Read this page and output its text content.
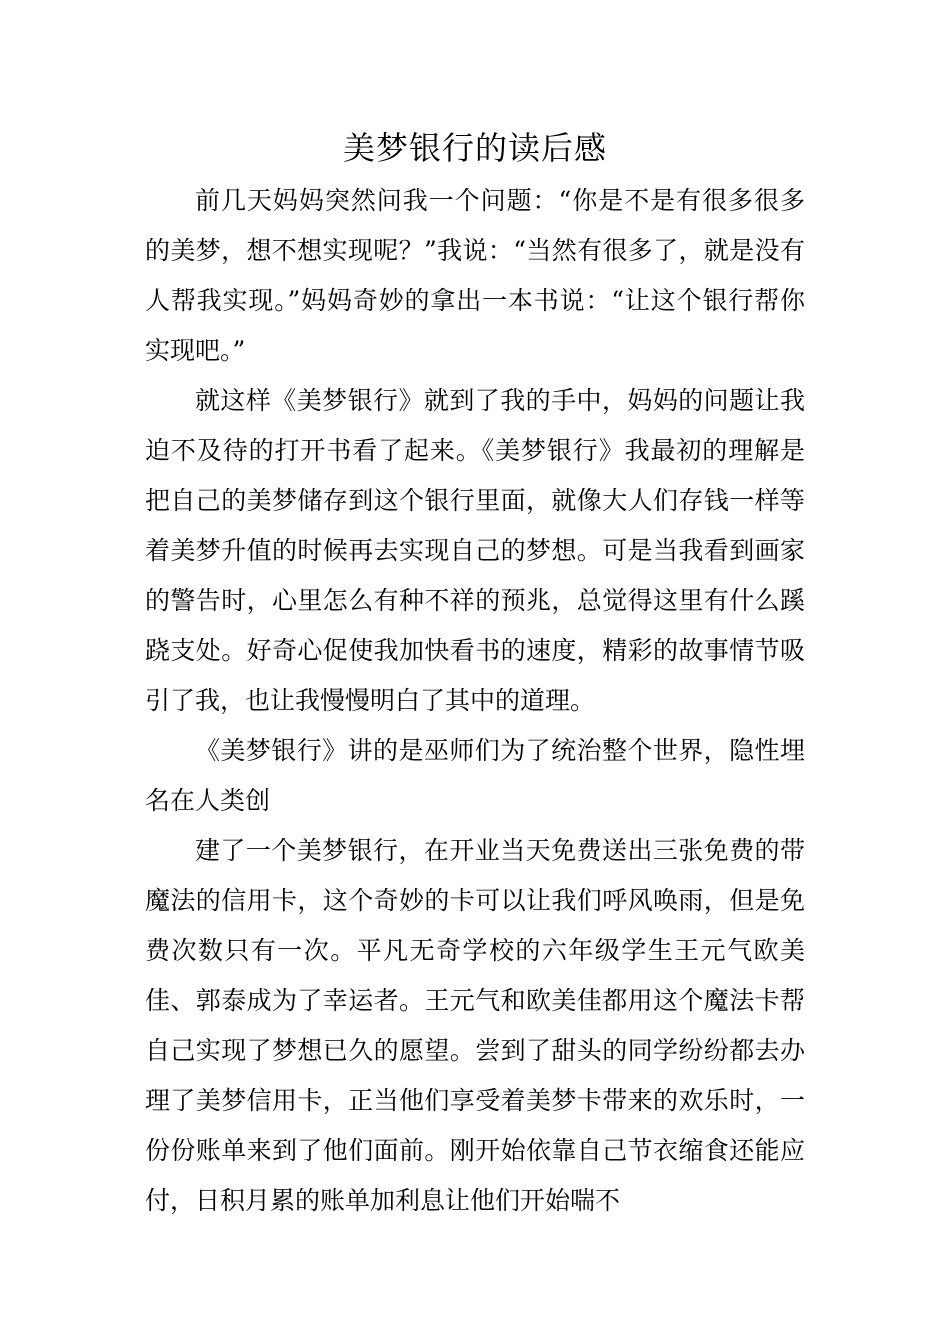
美梦银行的读后感

前几天妈妈突然问我一个问题：“你是不是有很多很多的美梦，想不想实现呢？”我说：“当然有很多了，就是没有人帮我实现。”妈妈奇妙的拿出一本书说：“让这个银行帮你实现吧。”

就这样《美梦银行》就到了我的手中，妈妈的问题让我迫不及待的打开书看了起来。《美梦银行》我最初的理解是把自己的美梦储存到这个银行里面，就像大人们存钱一样等着美梦升值的时候再去实现自己的梦想。可是当我看到画家的警告时，心里怎么有种不祥的预兆，总觉得这里有什么蹊跷支处。好奇心促使我加快看书的速度，精彩的故事情节吸引了我，也让我慢慢明白了其中的道理。

《美梦银行》讲的是巫师们为了统治整个世界，隐性埋名在人类创

建了一个美梦银行，在开业当天免费送出三张免费的带魔法的信用卡，这个奇妙的卡可以让我们呼风唤雨，但是免费次数只有一次。平凡无奇学校的六年级学生王元气欧美佳、郭泰成为了幸运者。王元气和欧美佳都用这个魔法卡帮自己实现了梦想已久的愿望。尝到了甜头的同学纷纷都去办理了美梦信用卡，正当他们享受着美梦卡带来的欢乐时，一份份账单来到了他们面前。刚开始依靠自己节衣缩食还能应付，日积月累的账单加利息让他们开始喘不
